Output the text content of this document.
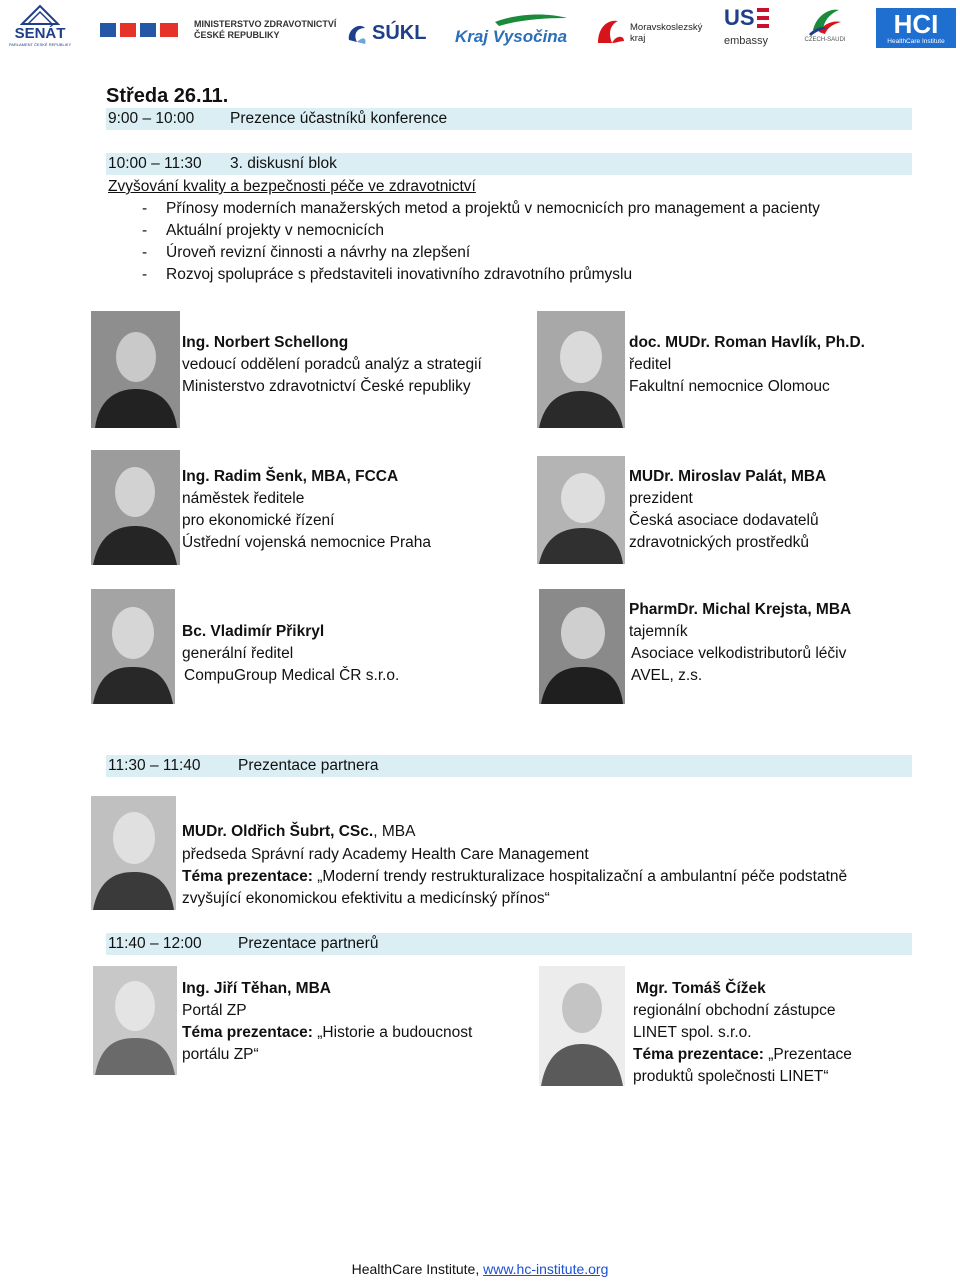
SENÁT
PARLAMENT ČESKÉ REPUBLIKY
MINISTERSTVO ZDRAVOTNICTVÍ
ČESKÉ REPUBLIKY	SÚKL Kraj Vysočina	Moravskoslezský
kraj
US
embassy	CZECH-SAUDI
HCI
HealthCare Institute
Středa 26.11.
9:00 – 10:00 Prezence účastníků konference
10:00 – 11:30 3. diskusní blok
Zvyšování kvality a bezpečnosti péče ve zdravotnictví
- Přínosy moderních manažerských metod a projektů v nemocnicích pro management a pacienty
- Aktuální projekty v nemocnicích
- Úroveň revizní činnosti a návrhy na zlepšení
- Rozvoj spolupráce s představiteli inovativního zdravotního průmyslu
Ing. Norbert Schellong
vedoucí oddělení poradců analýz a strategií
Ministerstvo zdravotnictví České republiky
doc. MUDr. Roman Havlík, Ph.D.
ředitel
Fakultní nemocnice Olomouc
Ing. Radim Šenk, MBA, FCCA
náměstek ředitele
pro ekonomické řízení
Ústřední vojenská nemocnice Praha
MUDr. Miroslav Palát, MBA
prezident
Česká asociace dodavatelů
zdravotnických prostředků
Bc. Vladimír Přikryl
generální ředitel
CompuGroup Medical ČR s.r.o.
PharmDr. Michal Krejsta, MBA
tajemník
Asociace velkodistributorů léčiv
AVEL, z.s.
11:30 – 11:40 Prezentace partnera
MUDr. Oldřich Šubrt, CSc., MBA
předseda Správní rady Academy Health Care Management
Téma prezentace: „Moderní trendy restrukturalizace hospitalizační a ambulantní péče podstatně
zvyšující ekonomickou efektivitu a medicínský přínos“
11:40 – 12:00 Prezentace partnerů
Ing. Jiří Těhan, MBA
Portál ZP
Téma prezentace: „Historie a budoucnost
portálu ZP“
Mgr. Tomáš Čížek
regionální obchodní zástupce
LINET spol. s.r.o.
Téma prezentace: „Prezentace
produktů společnosti LINET“
HealthCare Institute, www.hc-institute.org
